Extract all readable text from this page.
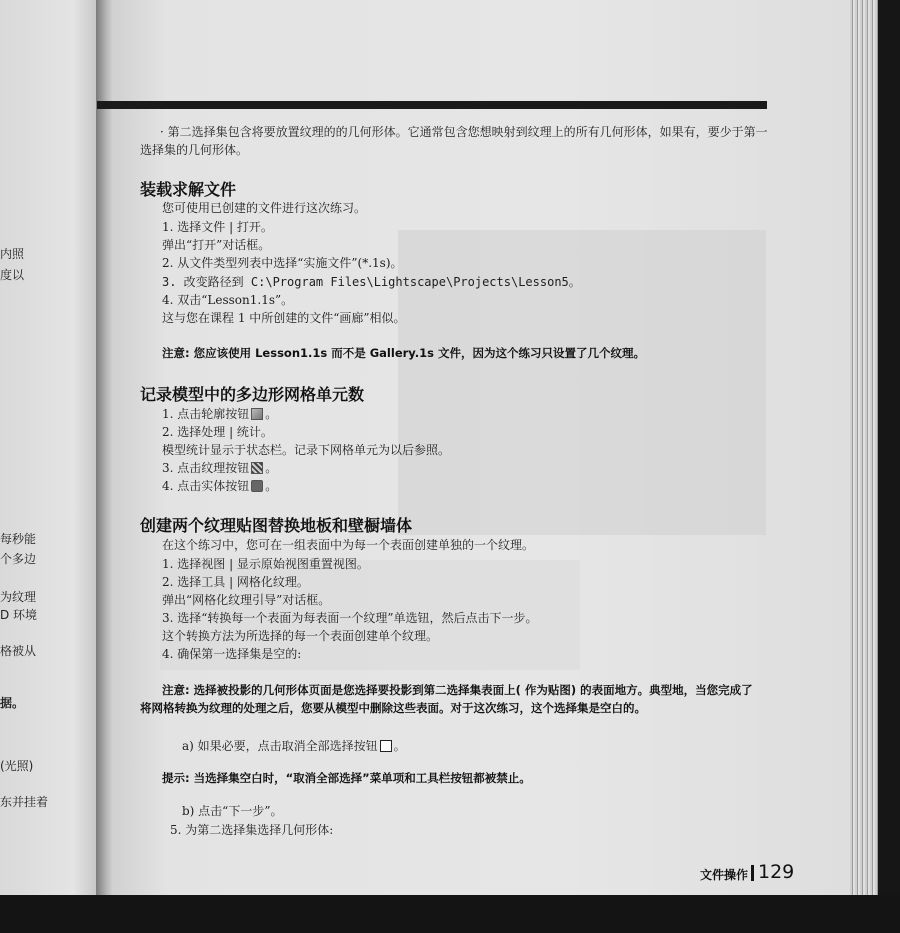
内照
度以
每秒能
个多边
为纹理
D 环境
格被从
据。
(光照)
东并挂着
· 第二选择集包含将要放置纹理的的几何形体。它通常包含您想映射到纹理上的所有几何形体，如果有，要少于第一
选择集的几何形体。
装载求解文件
您可使用已创建的文件进行这次练习。
1. 选择文件 | 打开。
弹出“打开”对话框。
2. 从文件类型列表中选择“实施文件”(*.1s)。
3. 改变路径到 C:\Program Files\Lightscape\Projects\Lesson5。
4. 双击“Lesson1.1s”。
这与您在课程 1 中所创建的文件“画廊”相似。
注意: 您应该使用 Lesson1.1s 而不是 Gallery.1s 文件，因为这个练习只设置了几个纹理。
记录模型中的多边形网格单元数
1. 点击轮廓按钮 。
2. 选择处理 | 统计。
模型统计显示于状态栏。记录下网格单元为以后参照。
3. 点击纹理按钮 。
4. 点击实体按钮 。
创建两个纹理贴图替换地板和壁橱墙体
在这个练习中，您可在一组表面中为每一个表面创建单独的一个纹理。
1. 选择视图 | 显示原始视图重置视图。
2. 选择工具 | 网格化纹理。
弹出“网格化纹理引导”对话框。
3. 选择“转换每一个表面为每表面一个纹理”单选钮，然后点击下一步。
这个转换方法为所选择的每一个表面创建单个纹理。
4. 确保第一选择集是空的:
注意: 选择被投影的几何形体页面是您选择要投影到第二选择集表面上( 作为贴图) 的表面地方。典型地，当您完成了
将网格转换为纹理的处理之后，您要从模型中删除这些表面。对于这次练习，这个选择集是空白的。
a) 如果必要，点击取消全部选择按钮 。
提示: 当选择集空白时，“取消全部选择”菜单项和工具栏按钮都被禁止。
b) 点击“下一步”。
5. 为第二选择集选择几何形体:
文件操作 129
